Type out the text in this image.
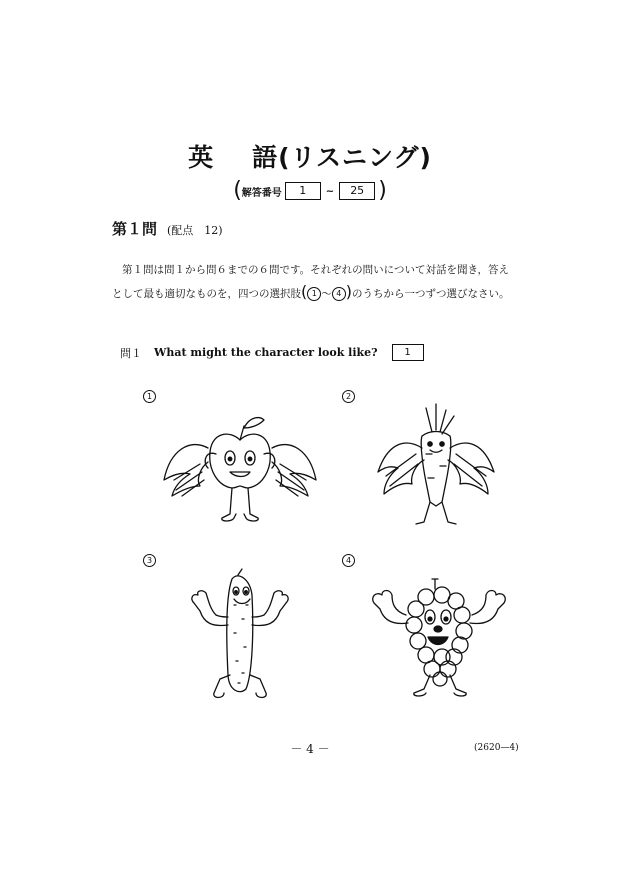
英 語(リスニング)
( 解答番号	1	~	25 )
第１問 (配点　12)

第１問は問１から問６までの６問です。それぞれの問いについて対話を聞き，答えとして最も適切なものを，四つの選択肢( 1 ～ 4 )のうちから一つずつ選びなさい。

問１ What might the character look like?	1
1	2
3	4
－ 4 －	(2620—4)
